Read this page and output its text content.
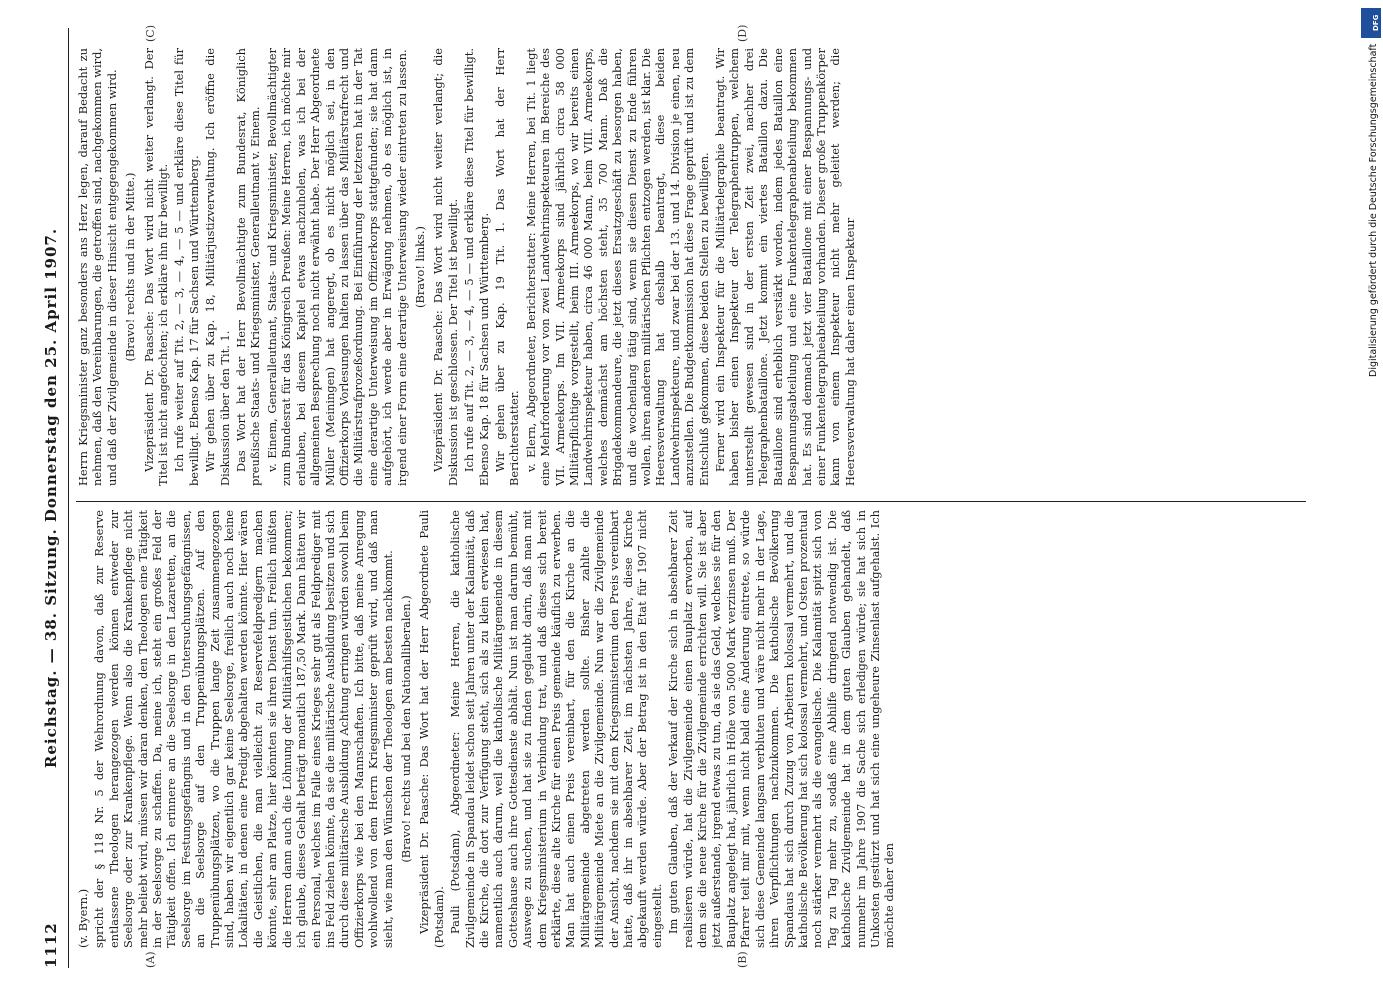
DFG
Digitalisierung gefördert durch die Deutsche Forschungsgemeinschaft
1112
Reichstag. — 38. Sitzung. Donnerstag den 25. April 1907.
(A)	(B)
(C)	(D)

(v. Byern.) spricht der § 118 Nr. 5 der Wehrordnung davon, daß zur Reserve entlassene Theologen herangezogen werden können entweder zur Seelsorge oder zur Krankenpflege. Wenn also die Krankenpflege nicht mehr beliebt wird, müssen wir daran denken, den Theologen eine Tätigkeit in der Seelsorge zu schaffen. Da, meine ich, steht ein großes Feld der Tätigkeit offen. Ich erinnere an die Seelsorge in den Lazaretten, an die Seelsorge im Festungsgefängnis und in den Untersuchungsgefängnissen, an die Seelsorge auf den Truppenübungsplätzen. Auf den Truppenübungsplätzen, wo die Truppen lange Zeit zusammengezogen sind, haben wir eigentlich gar keine Seelsorge, freilich auch noch keine Lokalitäten, in denen eine Predigt abgehalten werden könnte. Hier wären die Geistlichen, die man vielleicht zu Reservefeldpredigern machen könnte, sehr am Platze, hier könnten sie ihren Dienst tun. Freilich müßten die Herren dann auch die Löhnung der Militärhilfsgeistlichen bekommen; ich glaube, dieses Gehalt beträgt monatlich 187,50 Mark. Dann hätten wir ein Personal, welches im Falle eines Krieges sehr gut als Feldprediger mit ins Feld ziehen könnte, da sie die militärische Ausbildung besitzen und sich durch diese militärische Ausbildung Achtung erringen würden sowohl beim Offizierkorps wie bei den Mannschaften. Ich bitte, daß meine Anregung wohlwollend von dem Herrn Kriegsminister geprüft wird, und daß man sieht, wie man den Wünschen der Theologen am besten nachkommt. (Bravo! rechts und bei den Nationalliberalen.) Vizepräsident Dr. Paasche: Das Wort hat der Herr Abgeordnete Pauli (Potsdam). Pauli (Potsdam), Abgeordneter: Meine Herren, die katholische Zivilgemeinde in Spandau leidet schon seit Jahren unter der Kalamität, daß die Kirche, die dort zur Verfügung steht, sich als zu klein erwiesen hat, namentlich auch darum, weil die katholische Militärgemeinde in diesem Gotteshause auch ihre Gottesdienste abhält. Nun ist man darum bemüht, Auswege zu suchen, und hat sie zu finden geglaubt darin, daß man mit dem Kriegsministerium in Verbindung trat, und daß dieses sich bereit erklärte, diese alte Kirche für einen Preis gemeinde käuflich zu erwerben. Man hat auch einen Preis vereinbart, für den die Kirche an die Militärgemeinde abgetreten werden sollte. Bisher zahlte die Militärgemeinde Miete an die Zivilgemeinde. Nun war die Zivilgemeinde der Ansicht, nachdem sie mit dem Kriegsministerium den Preis vereinbart hatte, daß ihr in absehbarer Zeit, im nächsten Jahre, diese Kirche abgekauft werden würde. Aber der Betrag ist in den Etat für 1907 nicht eingestellt. Im guten Glauben, daß der Verkauf der Kirche sich in absehbarer Zeit realisieren würde, hat die Zivilgemeinde einen Bauplatz erworben, auf dem sie die neue Kirche für die Zivilgemeinde errichten will. Sie ist aber jetzt außerstande, irgend etwas zu tun, da sie das Geld, welches sie für den Bauplatz angelegt hat, jährlich in Höhe von 5000 Mark verzinsen muß. Der Pfarrer teilt mir mit, wenn nicht bald eine Änderung eintrete, so würde sich diese Gemeinde langsam verbluten und wäre nicht mehr in der Lage, ihren Verpflichtungen nachzukommen. Die katholische Bevölkerung Spandaus hat sich durch Zuzug von Arbeitern kolossal vermehrt, und die katholische Bevölkerung hat sich kolossal vermehrt, und Osten prozentual noch stärker vermehrt als die evangelische. Die Kalamität spitzt sich von Tag zu Tag mehr zu, sodaß eine Abhilfe dringend notwendig ist. Die katholische Zivilgemeinde hat in dem guten Glauben gehandelt, daß nunmehr im Jahre 1907 die Sache sich erledigen würde; sie hat sich in Unkosten gestürzt und hat sich eine ungeheure Zinsenlast aufgehalst. Ich möchte daher den

Herrn Kriegsminister ganz besonders ans Herz legen, darauf Bedacht zu nehmen, daß den Vereinbarungen, die getroffen sind, nachgekommen wird, und daß der Zivilgemeinde in dieser Hinsicht entgegengekommen wird. (Bravo! rechts und in der Mitte.) Vizepräsident Dr. Paasche: Das Wort wird nicht weiter verlangt. Der Titel ist nicht angefochten; ich erkläre ihn für bewilligt. Ich rufe weiter auf Tit. 2, — 3, — 4, — 5 — und erkläre diese Titel für bewilligt. Ebenso Kap. 17 für Sachsen und Württemberg. Wir gehen über zu Kap. 18, Militärjustizverwaltung. Ich eröffne die Diskussion über den Tit. 1. Das Wort hat der Herr Bevollmächtigte zum Bundesrat, Königlich preußische Staats- und Kriegsminister, Generalleutnant v. Einem. v. Einem, Generalleutnant, Staats- und Kriegsminister, Bevollmächtigter zum Bundesrat für das Königreich Preußen: Meine Herren, ich möchte mir erlauben, bei diesem Kapitel etwas nachzuholen, was ich bei der allgemeinen Besprechung noch nicht erwähnt habe. Der Herr Abgeordnete Müller (Meiningen) hat angeregt, ob es nicht möglich sei, in den Offizierkorps Vorlesungen halten zu lassen über das Militärstrafrecht und die Militärstrafprozeßordnung. Bei Einführung der letzteren hat in der Tat eine derartige Unterweisung im Offizierkorps stattgefunden; sie hat dann aufgehört, ich werde aber in Erwägung nehmen, ob es möglich ist, in irgend einer Form eine derartige Unterweisung wieder eintreten zu lassen. (Bravo! links.) Vizepräsident Dr. Paasche: Das Wort wird nicht weiter verlangt; die Diskussion ist geschlossen. Der Titel ist bewilligt. Ich rufe auf Tit. 2, — 3, — 4, — 5 — und erkläre diese Titel für bewilligt. Ebenso Kap. 18 für Sachsen und Württemberg. Wir gehen über zu Kap. 19 Tit. 1. Das Wort hat der Herr Berichterstatter. v. Elern, Abgeordneter, Berichterstatter: Meine Herren, bei Tit. 1 liegt eine Mehrforderung vor von zwei Landwehrinspekteuren im Bereiche des VII. Armeekorps. Im VII. Armeekorps sind jährlich circa 58 000 Militärpflichtige vorgestellt, beim III. Armeekorps, wo wir bereits einen Landwehrinspekteur haben, circa 46 000 Mann, beim VIII. Armeekorps, welches demnächst am höchsten steht, 35 700 Mann. Daß die Brigadekommandeure, die jetzt dieses Ersatzgeschäft zu besorgen haben, und die wochenlang tätig sind, wenn sie diesen Dienst zu Ende führen wollen, ihren anderen militärischen Pflichten entzogen werden, ist klar. Die Heeresverwaltung hat deshalb beantragt, diese beiden Landwehrinspekteure, und zwar bei der 13. und 14. Division je einen, neu anzustellen. Die Budgetkommission hat diese Frage geprüft und ist zu dem Entschluß gekommen, diese beiden Stellen zu bewilligen. Ferner wird ein Inspekteur für die Militärtelegraphie beantragt. Wir haben bisher einen Inspekteur der Telegraphentruppen, welchem unterstellt gewesen sind in der ersten Zeit zwei, nachher drei Telegraphenbataillone. Jetzt kommt ein viertes Bataillon dazu. Die Bataillone sind erheblich verstärkt worden, indem jedes Bataillon eine Bespannungsabteilung und eine Funkentelegraphenabteilung bekommen hat. Es sind demnach jetzt vier Bataillone mit einer Bespannungs- und einer Funkentelegraphieabteilung vorhanden. Dieser große Truppenkörper kann von einem Inspekteur nicht mehr geleitet werden; die Heeresverwaltung hat daher einen Inspekteur
